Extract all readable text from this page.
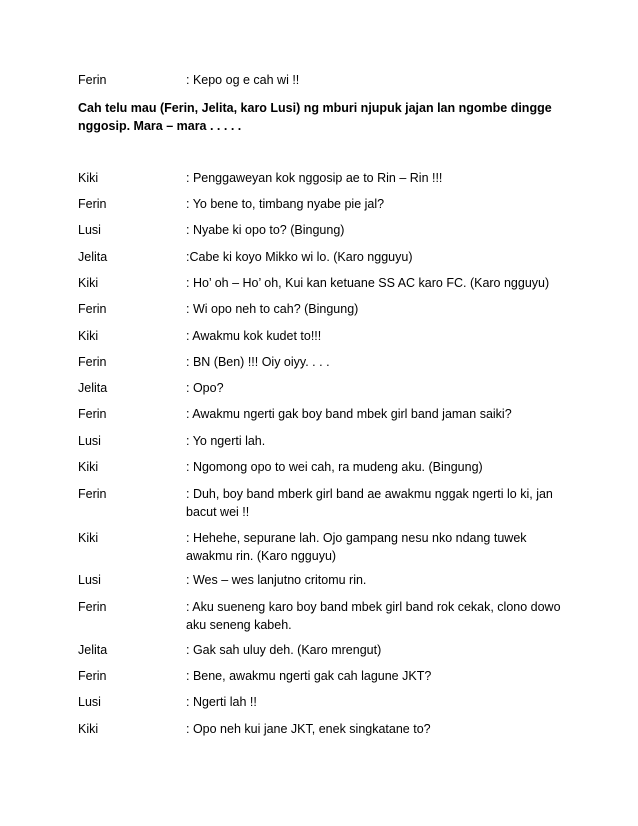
Ferin	: Kepo og e cah wi !!
Cah telu mau (Ferin, Jelita, karo Lusi) ng mburi njupuk jajan lan ngombe dingge nggosip. Mara – mara . . . . .
Kiki	: Penggaweyan kok nggosip ae to Rin – Rin !!!
Ferin	: Yo bene to, timbang nyabe pie jal?
Lusi	: Nyabe ki opo to? (Bingung)
Jelita	:Cabe ki koyo Mikko wi lo. (Karo ngguyu)
Kiki	: Ho’ oh – Ho’ oh, Kui kan ketuane SS AC karo FC. (Karo ngguyu)
Ferin	: Wi opo neh to cah? (Bingung)
Kiki	: Awakmu kok kudet to!!!
Ferin	: BN (Ben) !!! Oiy oiyy. . . .
Jelita	: Opo?
Ferin	: Awakmu ngerti gak boy band mbek girl band jaman saiki?
Lusi	: Yo ngerti lah.
Kiki	: Ngomong opo to wei cah, ra mudeng aku. (Bingung)
Ferin	: Duh, boy band mberk girl band ae awakmu nggak ngerti lo ki, jan bacut wei !!
Kiki	: Hehehe, sepurane lah. Ojo gampang nesu nko ndang tuwek awakmu rin. (Karo ngguyu)
Lusi	: Wes – wes lanjutno critomu rin.
Ferin	: Aku sueneng karo boy band mbek girl band rok cekak, clono dowo aku seneng kabeh.
Jelita	: Gak sah uluy deh. (Karo mrengut)
Ferin	: Bene, awakmu ngerti gak cah lagune JKT?
Lusi	: Ngerti lah !!
Kiki	: Opo neh kui jane JKT, enek singkatane to?
